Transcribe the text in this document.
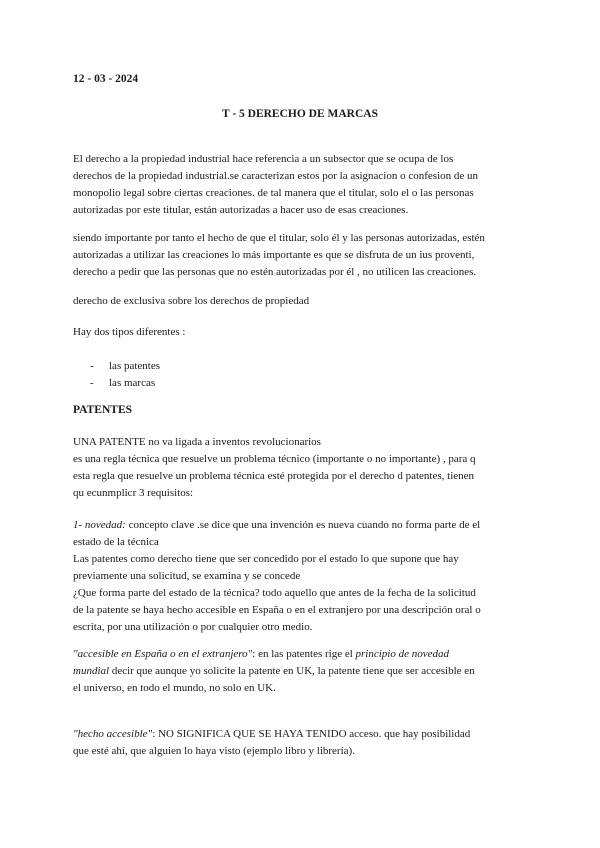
12 - 03 - 2024
T - 5 DERECHO DE MARCAS

El derecho a la propiedad industrial hace referencia a un subsector que se ocupa de los
derechos de la propiedad industrial.se caracterizan estos por la asignacion o confesion de un
monopolio legal sobre ciertas creaciones. de tal manera que el titular, solo el o las personas
autorizadas por este titular, están autorizadas a hacer uso de esas creaciones.

siendo importante por tanto el hecho de que el titular, solo él y las personas autorizadas, estén
autorizadas a utilizar las creaciones lo más importante es que se disfruta de un ius proventi,
derecho a pedir que las personas que no estén autorizadas por él , no utilicen las creaciones.

derecho de exclusiva sobre los derechos de propiedad

Hay dos tipos diferentes :

-	las patentes
-	las marcas
PATENTES

UNA PATENTE no va ligada a inventos revolucionarios
es una regla técnica que resuelve un problema técnico (importante o no importante) , para q
esta regla que resuelve un problema técnica esté protegida por el derecho d patentes, tienen
qu ecunmplicr 3 requisitos:

1- novedad: concepto clave .se dice que una invención es nueva cuando no forma parte de el
estado de la técnica
Las patentes como derecho tiene que ser concedido por el estado lo que supone que hay
previamente una solicitud, se examina y se concede
¿Que forma parte del estado de la técnica? todo aquello que antes de la fecha de la solicitud
de la patente se haya hecho accesible en España o en el extranjero por una descripción oral o
escrita, por una utilización o por cualquier otro medio.

"accesible en España o en el extranjero": en las patentes rige el principio de novedad
mundial decir que aunque yo solicite la patente en UK, la patente tiene que ser accesible en
el universo, en todo el mundo, no solo en UK.

"hecho accesible": NO SIGNIFICA QUE SE HAYA TENIDO acceso. que hay posibilidad
que esté ahí, que alguien lo haya visto (ejemplo libro y librería).
